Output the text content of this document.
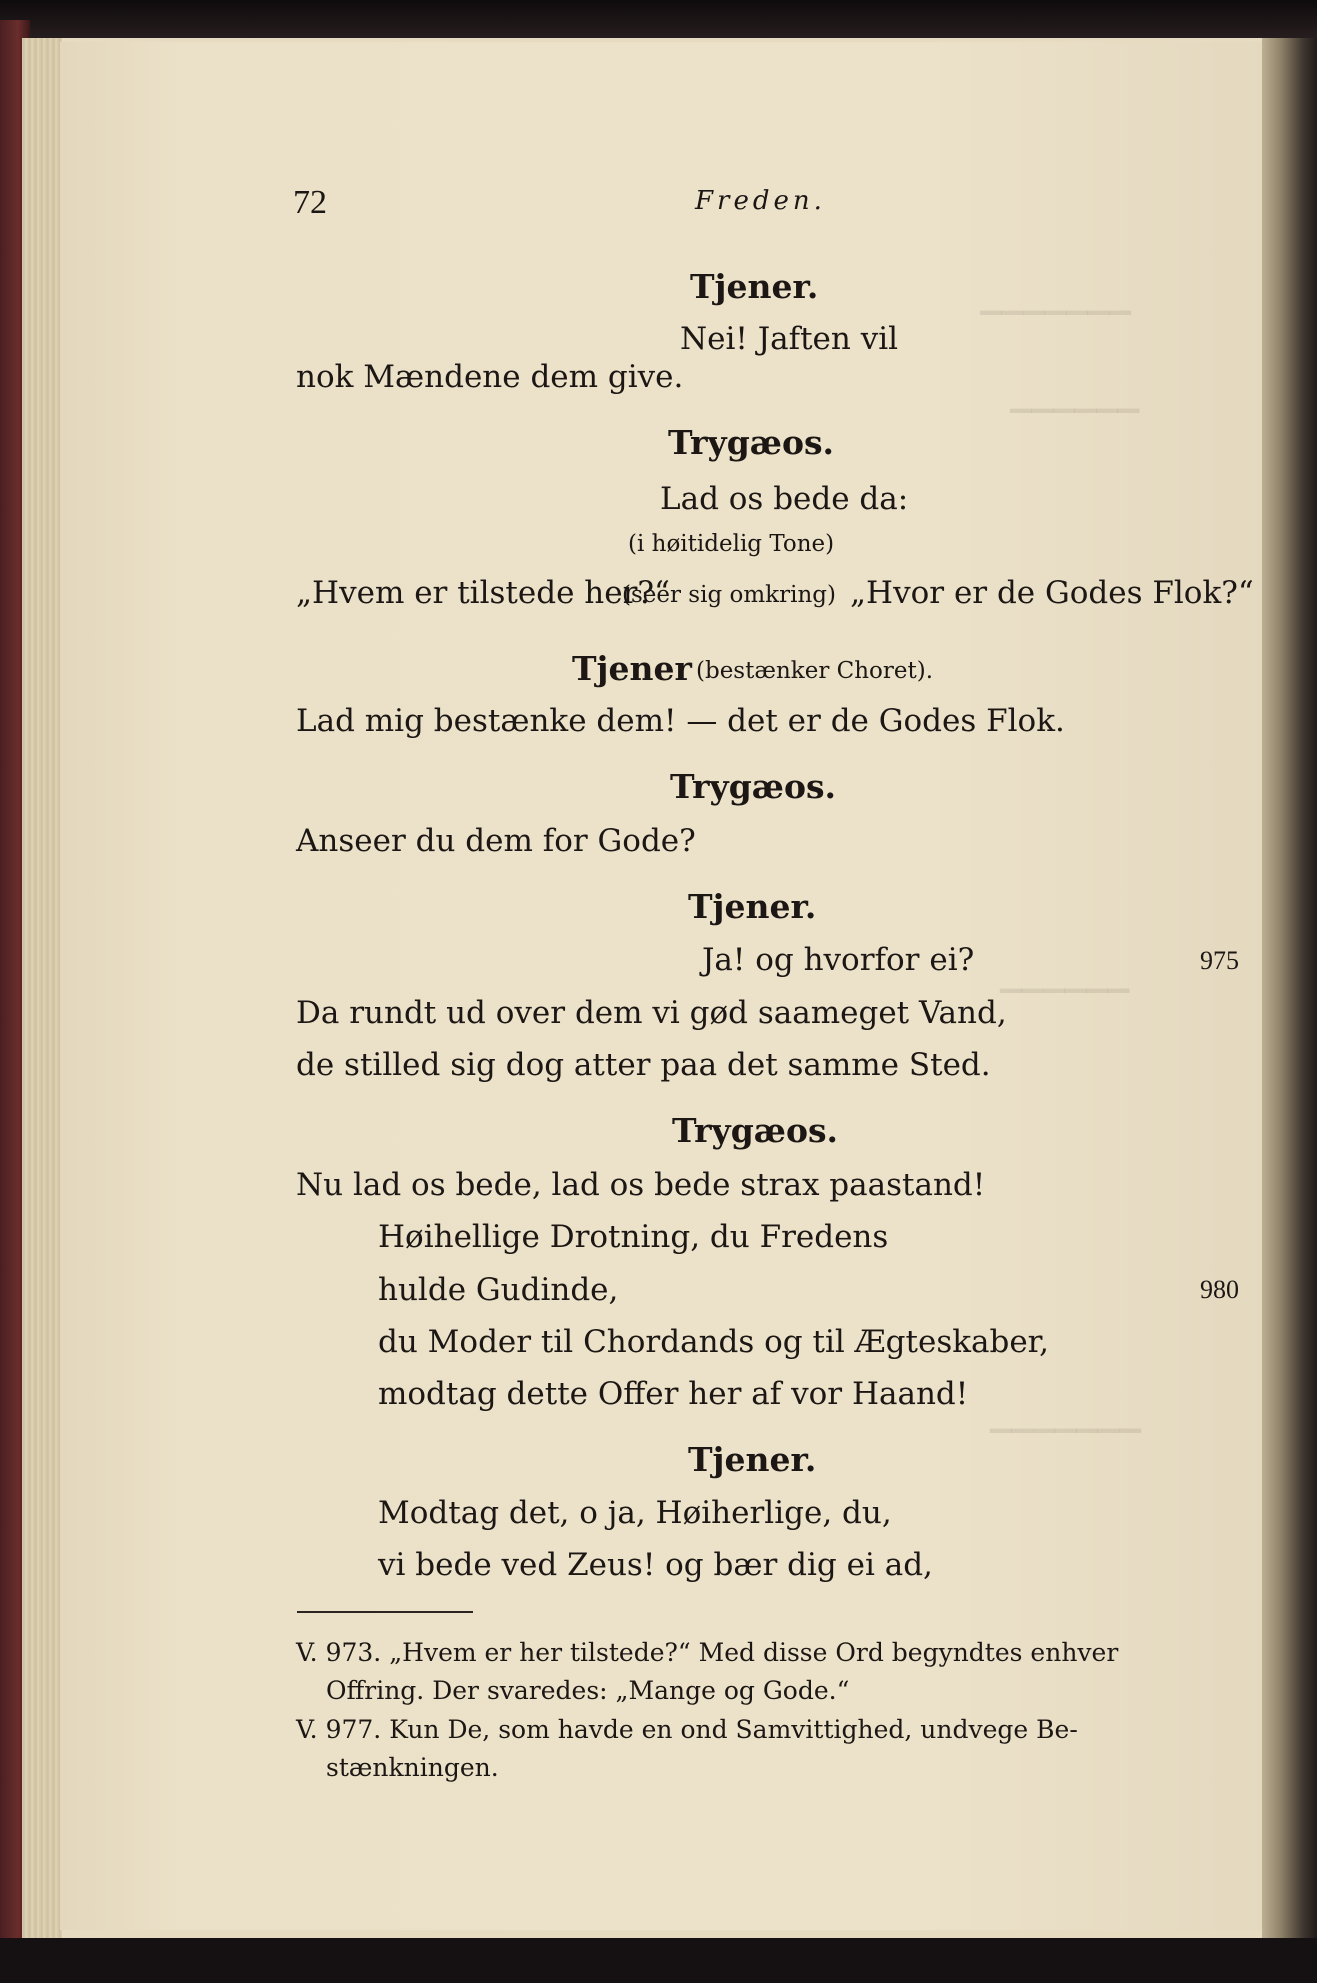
▁▁▁▁▁▁▁
▁▁▁▁▁▁
▁▁▁▁▁▁
▁▁▁▁▁▁▁
72	Freden.
Tjener.
Nei! Jaften vil
nok Mændene dem give.
Trygæos.
Lad os bede da:
(i høitidelig Tone)
„Hvem er tilstede her?“
(seer sig omkring) „Hvor er de Godes Flok?“
Tjener (bestænker Choret).
Lad mig bestænke dem! — det er de Godes Flok.
Trygæos.
Anseer du dem for Gode?
Tjener.
Ja! og hvorfor ei?	975
Da rundt ud over dem vi gød saameget Vand,
de stilled sig dog atter paa det samme Sted.
Trygæos.
Nu lad os bede, lad os bede strax paastand!
Høihellige Drotning, du Fredens
hulde Gudinde,	980
du Moder til Chordands og til Ægteskaber,
modtag dette Offer her af vor Haand!
Tjener.
Modtag det, o ja, Høiherlige, du,
vi bede ved Zeus! og bær dig ei ad,
V. 973. „Hvem er her tilstede?“ Med disse Ord begyndtes enhver
Offring. Der svaredes: „Mange og Gode.“
V. 977. Kun De, som havde en ond Samvittighed, undvege Be-
stænkningen.
